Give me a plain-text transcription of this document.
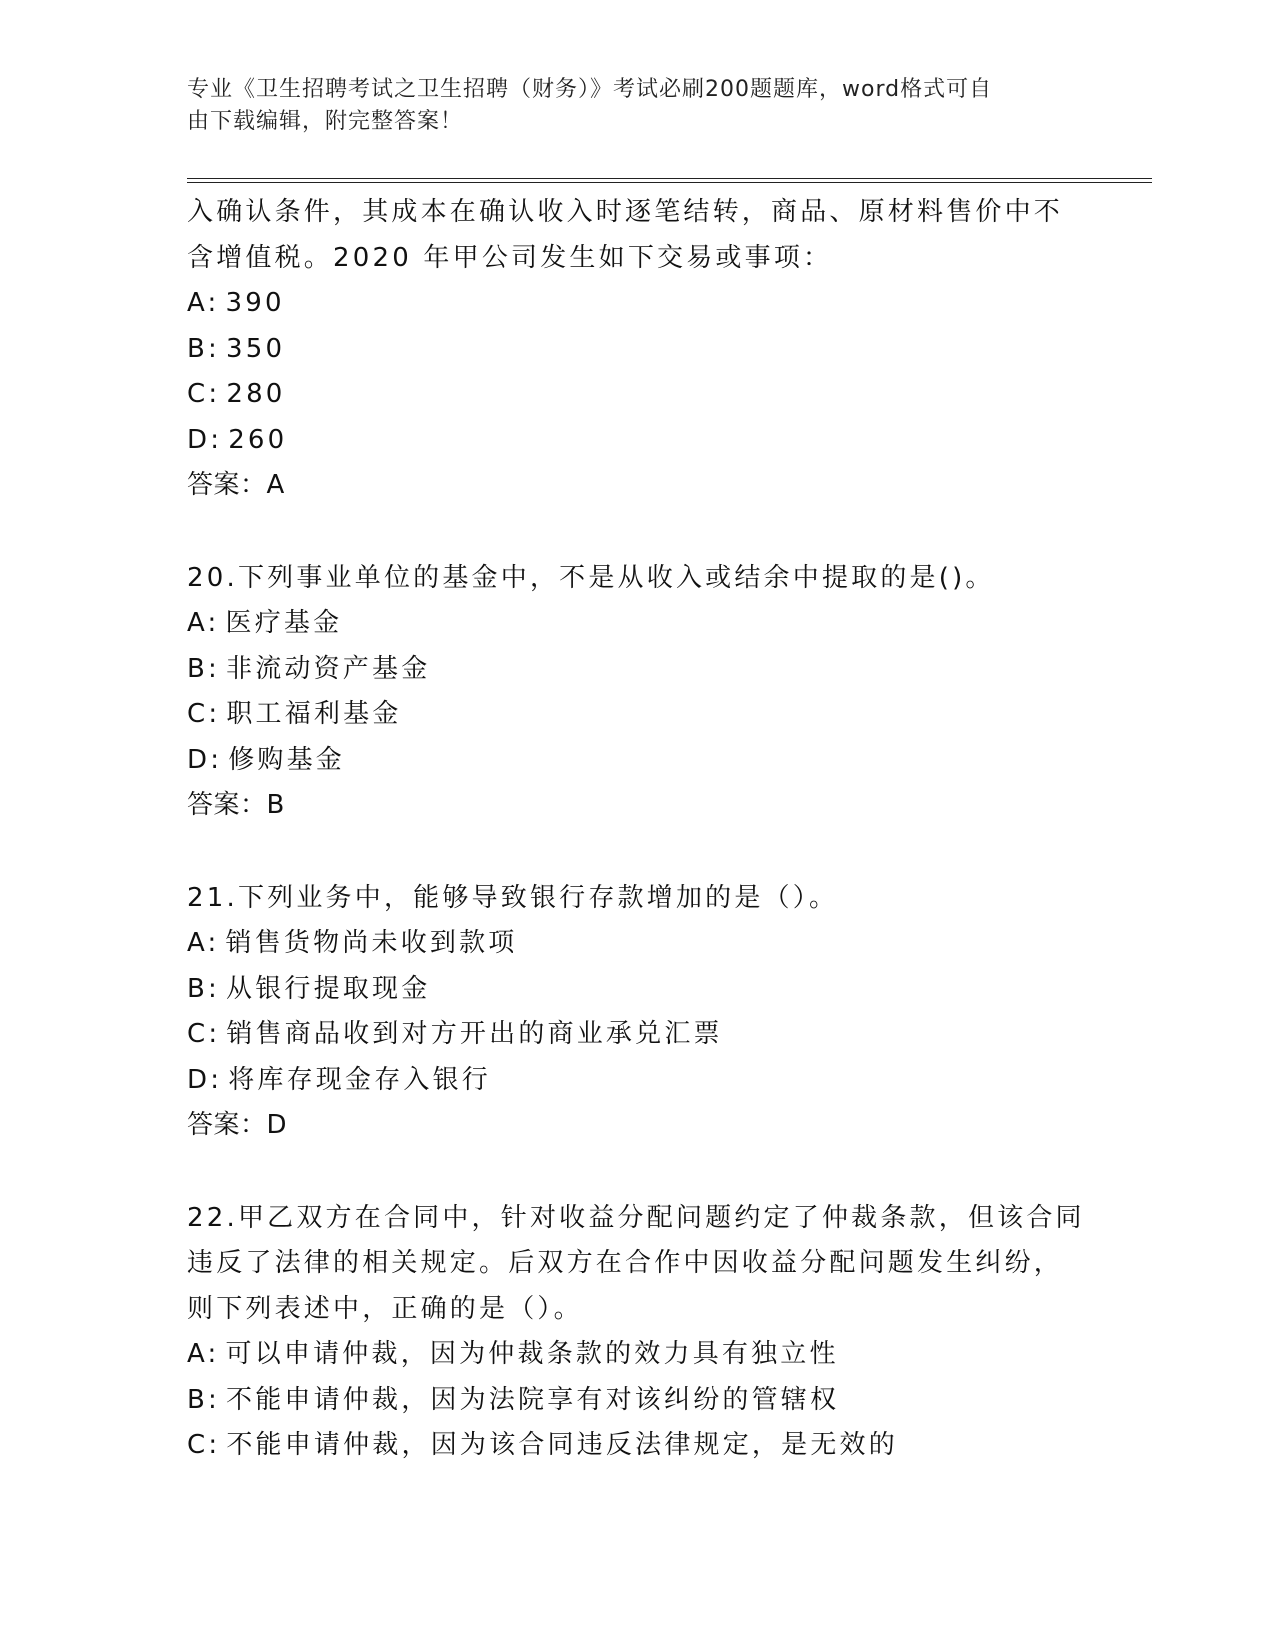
专业《卫生招聘考试之卫生招聘（财务）》考试必刷200题题库，word格式可自
由下载编辑，附完整答案！
入确认条件，其成本在确认收入时逐笔结转，商品、原材料售价中不
含增值税。2020 年甲公司发生如下交易或事项：
A: 390
B: 350
C: 280
D: 260
答案：A
20.下列事业单位的基金中，不是从收入或结余中提取的是()。
A: 医疗基金
B: 非流动资产基金
C: 职工福利基金
D: 修购基金
答案：B
21.下列业务中，能够导致银行存款增加的是（）。
A: 销售货物尚未收到款项
B: 从银行提取现金
C: 销售商品收到对方开出的商业承兑汇票
D: 将库存现金存入银行
答案：D
22.甲乙双方在合同中，针对收益分配问题约定了仲裁条款，但该合同
违反了法律的相关规定。后双方在合作中因收益分配问题发生纠纷，
则下列表述中，正确的是（）。
A: 可以申请仲裁，因为仲裁条款的效力具有独立性
B: 不能申请仲裁，因为法院享有对该纠纷的管辖权
C: 不能申请仲裁，因为该合同违反法律规定，是无效的
